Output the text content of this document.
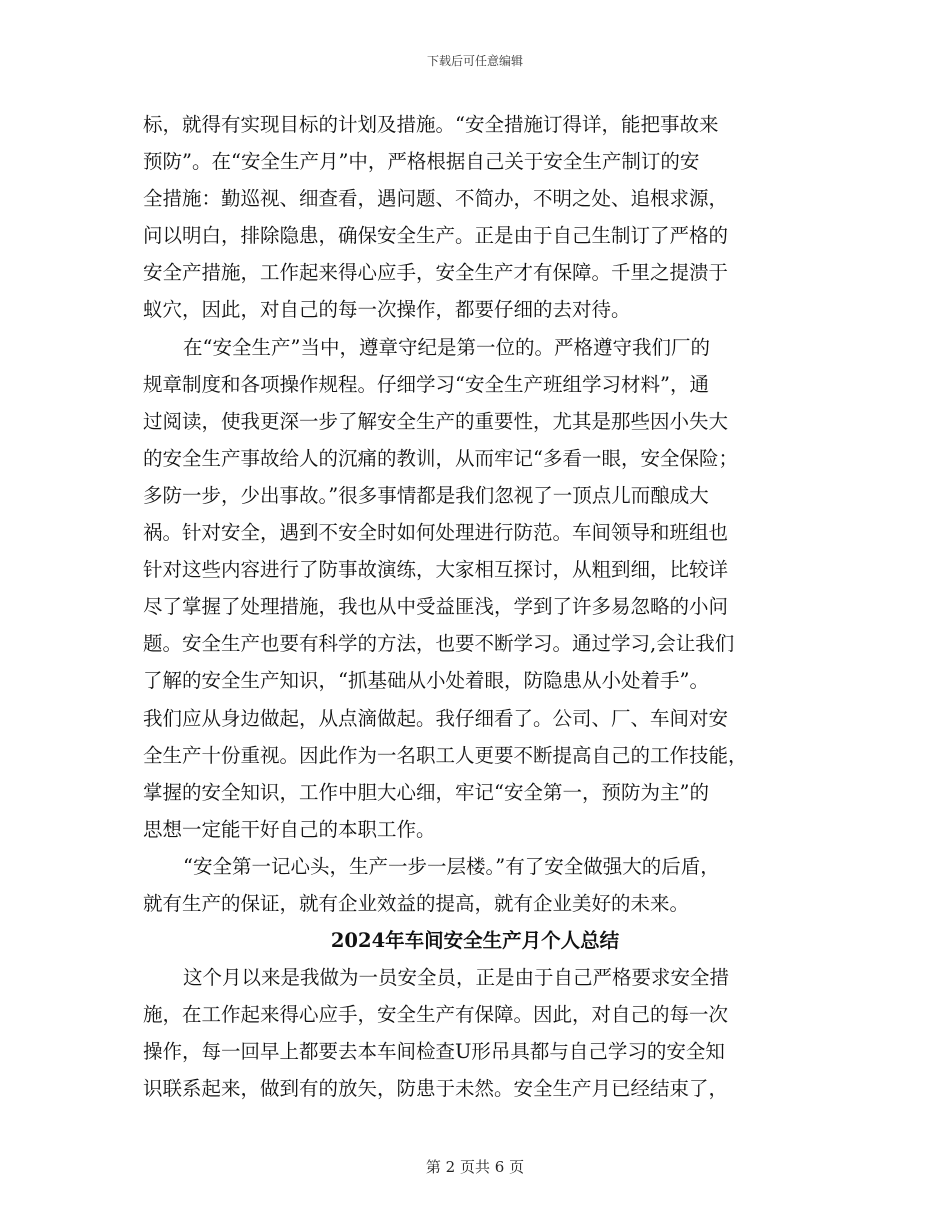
下载后可任意编辑
标，就得有实现目标的计划及措施。“安全措施订得详，能把事故来
预防”。在“安全生产月”中，严格根据自己关于安全生产制订的安
全措施：勤巡视、细查看，遇问题、不简办，不明之处、追根求源，
问以明白，排除隐患，确保安全生产。正是由于自己生制订了严格的
安全产措施，工作起来得心应手，安全生产才有保障。千里之提溃于
蚁穴，因此，对自己的每一次操作，都要仔细的去对待。
在“安全生产”当中，遵章守纪是第一位的。严格遵守我们厂的
规章制度和各项操作规程。仔细学习“安全生产班组学习材料”，通
过阅读，使我更深一步了解安全生产的重要性，尤其是那些因小失大
的安全生产事故给人的沉痛的教训，从而牢记“多看一眼，安全保险；
多防一步，少出事故。”很多事情都是我们忽视了一顶点儿而酿成大
祸。针对安全，遇到不安全时如何处理进行防范。车间领导和班组也
针对这些内容进行了防事故演练，大家相互探讨，从粗到细，比较详
尽了掌握了处理措施，我也从中受益匪浅，学到了许多易忽略的小问
题。安全生产也要有科学的方法，也要不断学习。通过学习,会让我们
了解的安全生产知识，“抓基础从小处着眼，防隐患从小处着手”。
我们应从身边做起，从点滴做起。我仔细看了。公司、厂、车间对安
全生产十份重视。因此作为一名职工人更要不断提高自己的工作技能，
掌握的安全知识，工作中胆大心细，牢记“安全第一，预防为主”的
思想一定能干好自己的本职工作。
“安全第一记心头，生产一步一层楼。”有了安全做强大的后盾，
就有生产的保证，就有企业效益的提高，就有企业美好的未来。
2024年车间安全生产月个人总结
这个月以来是我做为一员安全员，正是由于自己严格要求安全措
施，在工作起来得心应手，安全生产有保障。因此，对自己的每一次
操作，每一回早上都要去本车间检查U形吊具都与自己学习的安全知
识联系起来，做到有的放矢，防患于未然。安全生产月已经结束了，
第 2 页共 6 页
